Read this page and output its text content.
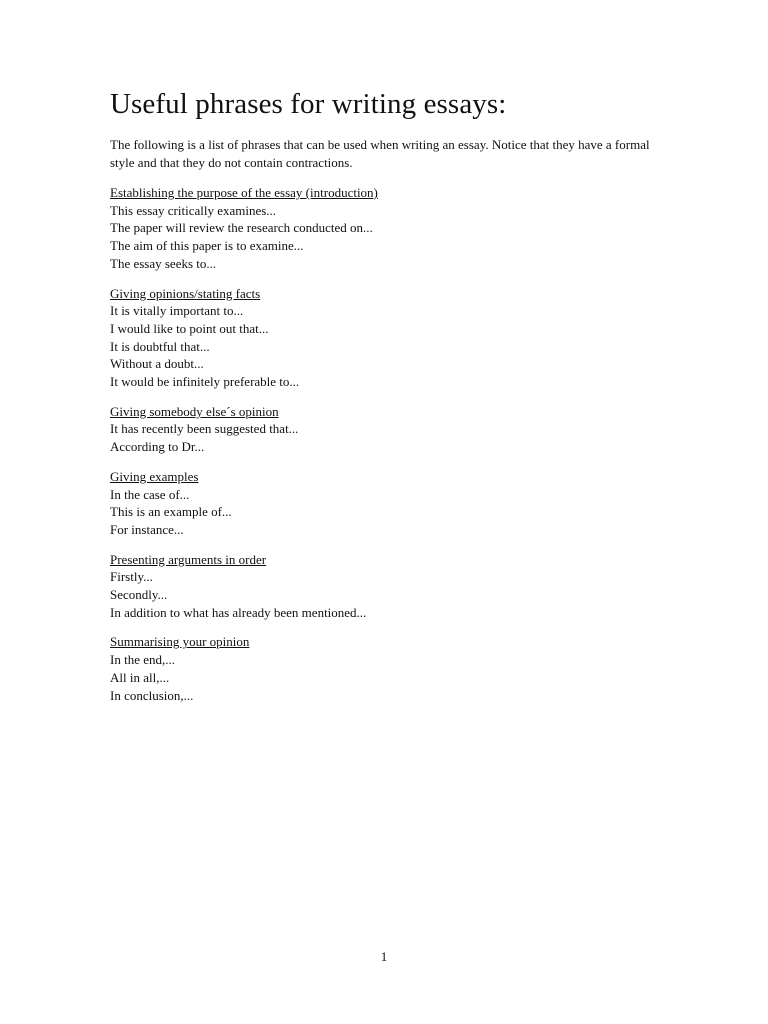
Useful phrases for writing essays:

The following is a list of phrases that can be used when writing an essay. Notice that they have a formal style and that they do not contain contractions.

Establishing the purpose of the essay (introduction)

This essay critically examines...
The paper will review the research conducted on...
The aim of this paper is to examine...
The essay seeks to...

Giving opinions/stating facts

It is vitally important to...
I would like to point out that...
It is doubtful that...
Without a doubt...
It would be infinitely preferable to...

Giving somebody else´s opinion

It has recently been suggested that...
According to Dr...

Giving examples

In the case of...
This is an example of...
For instance...

Presenting arguments in order

Firstly...
Secondly...
In addition to what has already been mentioned...

Summarising your opinion

In the end,...
All in all,...
In conclusion,...
1
